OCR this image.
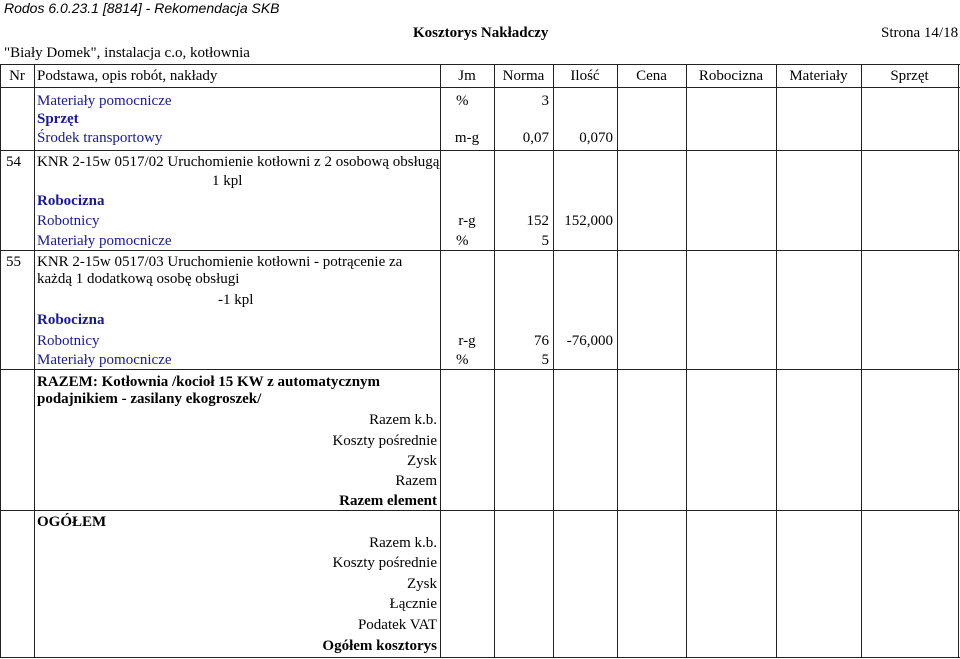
Rodos 6.0.23.1 [8814] - Rekomendacja SKB
Kosztorys Nakładczy	Strona 14/18
"Biały Domek", instalacja c.o, kotłownia
Nr Podstawa, opis robót, nakłady	Jm	Norma	Ilość	Cena	Robocizna	Materiały	Sprzęt
Materiały pomocnicze	%	3
Sprzęt
Środek transportowy	m-g	0,07	0,070
54 KNR 2-15w 0517/02 Uruchomienie kotłowni z 2 osobową obsługą
1 kpl
Robocizna
Robotnicy	r-g	152	152,000
Materiały pomocnicze	%	5
55 KNR 2-15w 0517/03 Uruchomienie kotłowni - potrącenie za
każdą 1 dodatkową osobę obsługi
-1 kpl
Robocizna
Robotnicy	r-g	76	-76,000
Materiały pomocnicze	%	5
RAZEM: Kotłownia /kocioł 15 KW z automatycznym
podajnikiem - zasilany ekogroszek/
Razem k.b.
Koszty pośrednie
Zysk
Razem
Razem element
OGÓŁEM
Razem k.b.
Koszty pośrednie
Zysk
Łącznie
Podatek VAT
Ogółem kosztorys
